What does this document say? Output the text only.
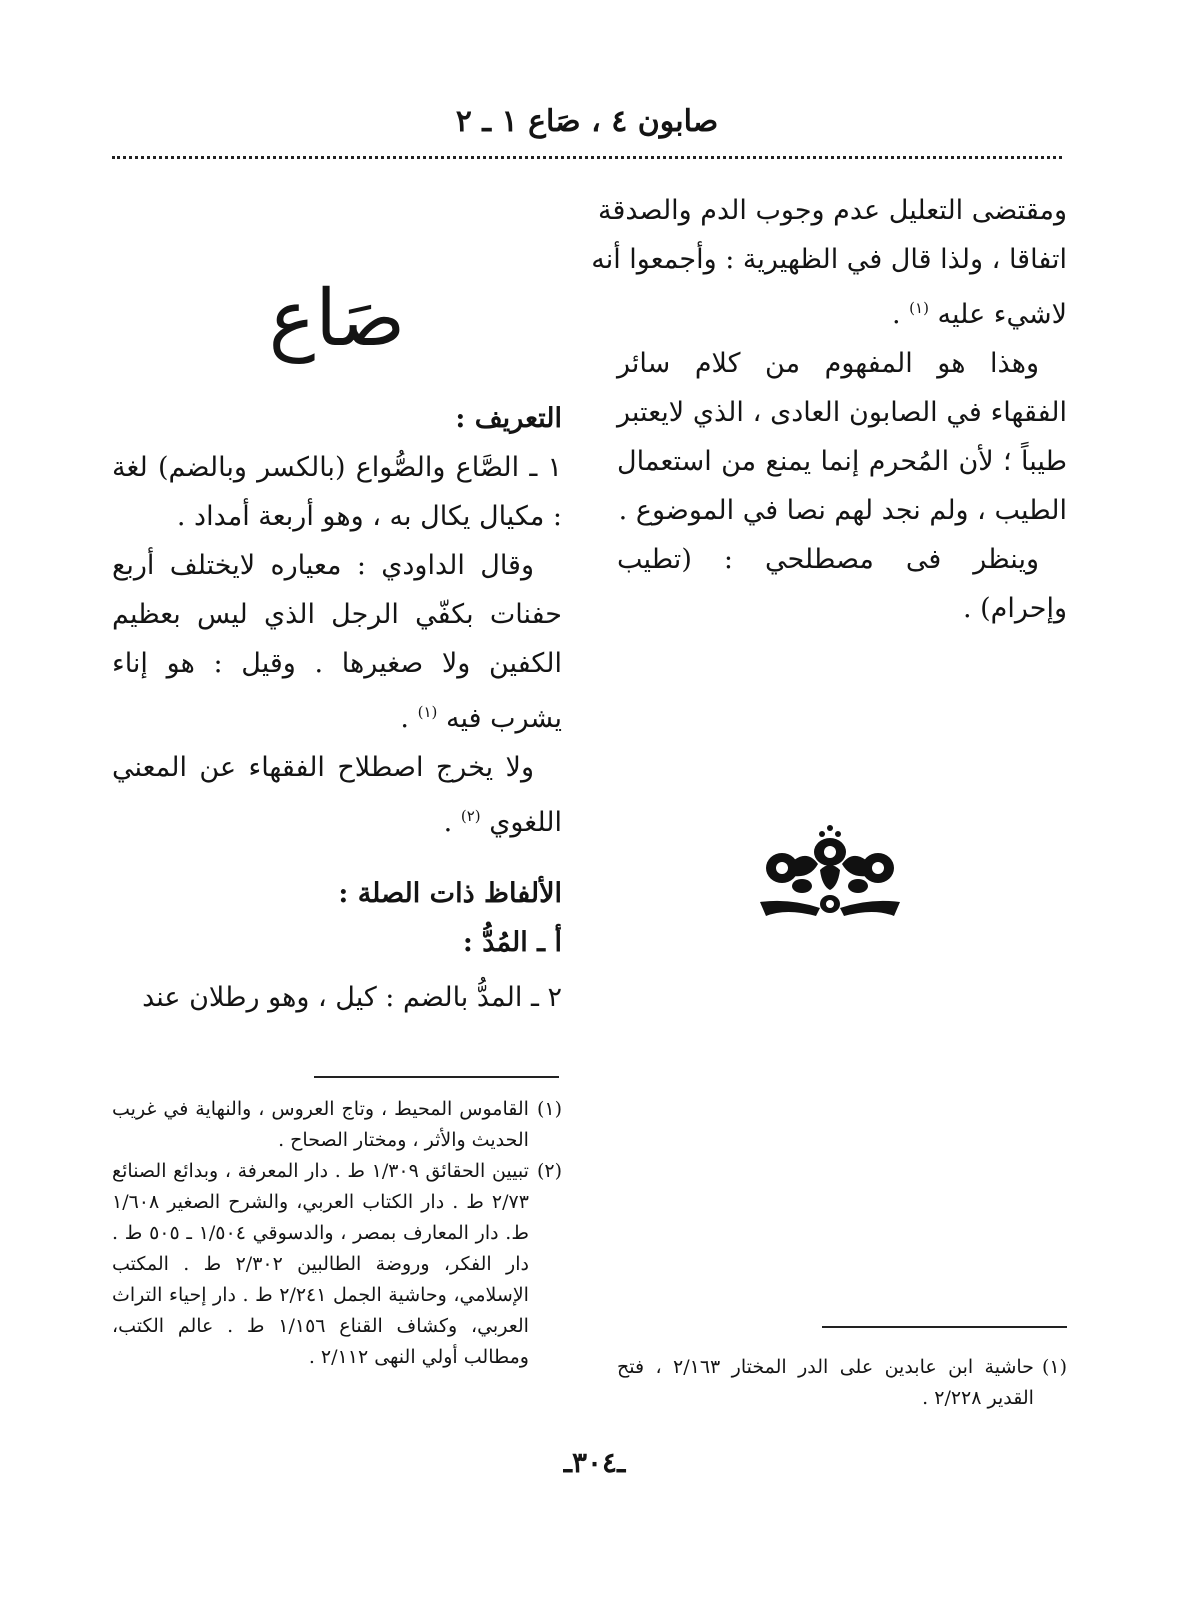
صابون ٤ ، صَاع ١ ـ ٢
ومقتضى التعليل عدم وجوب الدم والصدقة
اتفاقا ، ولذا قال في الظهيرية : وأجمعوا أنه
لاشيء عليه $^{(١)}$ .
وهذا هو المفهوم من كلام سائر الفقهاء في الصابون العادى ، الذي لايعتبر طيباً ؛ لأن المُحرم إنما يمنع من استعمال الطيب ، ولم نجد لهم نصا في الموضوع .
وينظر فى مصطلحي : (تطيب وإحرام) .
صَاع
التعريف :
١ ـ الصَّاع والصُّواع (بالكسر وبالضم) لغة : مكيال يكال به ، وهو أربعة أمداد .
وقال الداودي : معياره لايختلف أربع حفنات بكفّي الرجل الذي ليس بعظيم الكفين ولا صغيرها . وقيل : هو إناء يشرب فيه $^{(١)}$ .
ولا يخرج اصطلاح الفقهاء عن المعني اللغوي $^{(٢)}$ .
الألفاظ ذات الصلة :
أ ـ المُدُّ :
٢ ـ المدُّ بالضم : كيل ، وهو رطلان عند
(١)
القاموس المحيط ، وتاج العروس ، والنهاية في غريب الحديث والأثر ، ومختار الصحاح .
(٢)
تبيين الحقائق ١/٣٠٩ ط . دار المعرفة ، وبدائع الصنائع ٢/٧٣ ط . دار الكتاب العربي، والشرح الصغير ١/٦٠٨ ط. دار المعارف بمصر ، والدسوقي ١/٥٠٤ ـ ٥٠٥ ط . دار الفكر، وروضة الطالبين ٢/٣٠٢ ط . المكتب الإسلامي، وحاشية الجمل ٢/٢٤١ ط . دار إحياء التراث العربي، وكشاف القناع ١/١٥٦ ط . عالم الكتب، ومطالب أولي النهى ٢/١١٢ .	(١)
حاشية ابن عابدين على الدر المختار ٢/١٦٣ ، فتح القدير ٢/٢٢٨ .
ـ٣٠٤ـ
